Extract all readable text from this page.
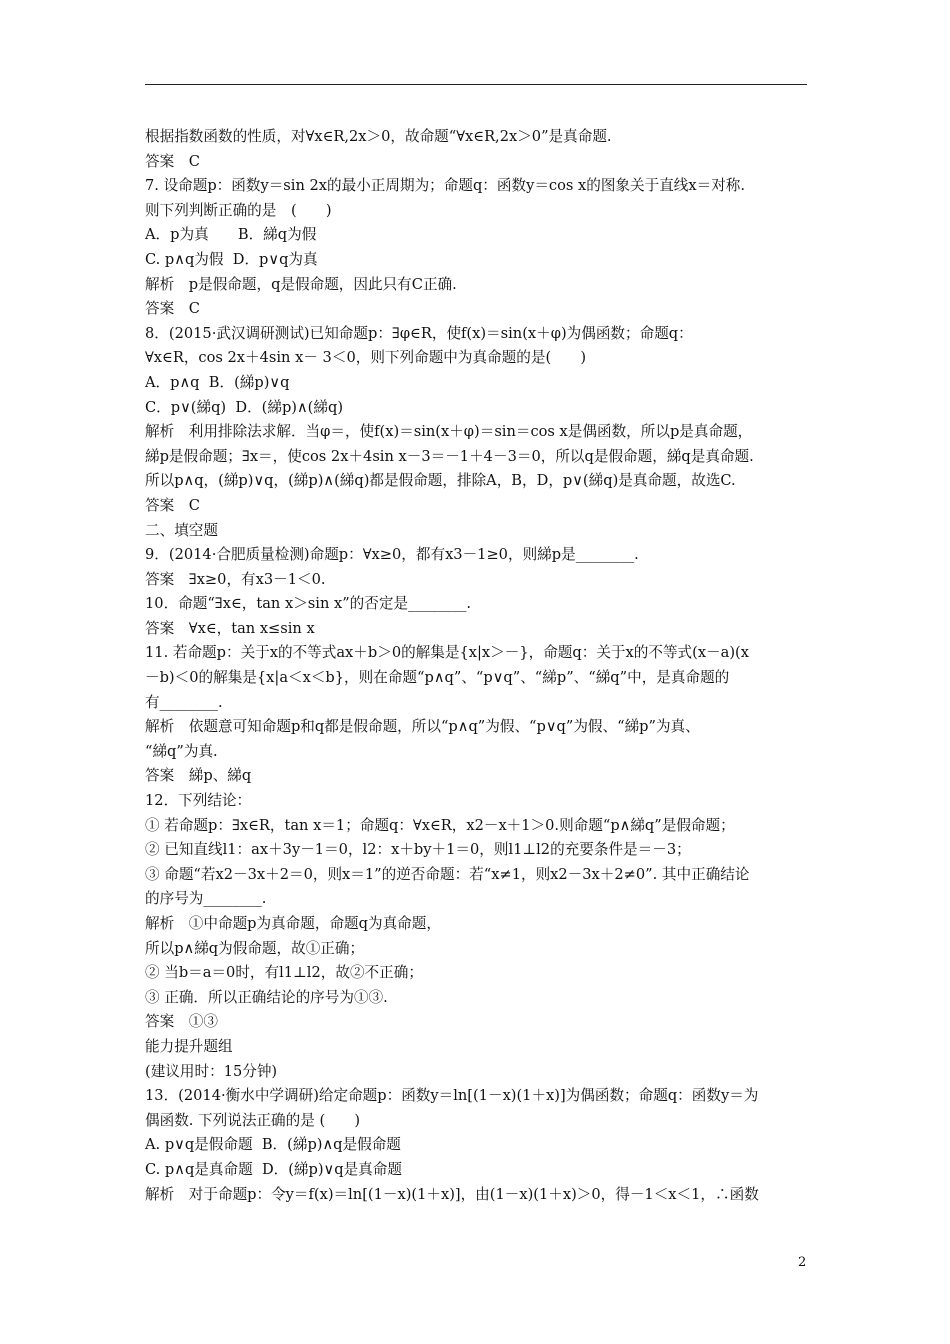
根据指数函数的性质，对∀x∈R,2x＞0，故命题“∀x∈R,2x＞0”是真命题.
答案　C
7. 设命题p：函数y＝sin 2x的最小正周期为；命题q：函数y＝cos x的图象关于直线x＝对称.
则下列判断正确的是　(　　)
A．p为真　　B．綈q为假
C. p∧q为假  D．p∨q为真
解析　p是假命题，q是假命题，因此只有C正确.
答案　C
8．(2015·武汉调研测试)已知命题p：∃φ∈R，使f(x)＝sin(x＋φ)为偶函数；命题q：
∀x∈R，cos 2x＋4sin x－ 3＜0，则下列命题中为真命题的是(　　)
A．p∧q  B．(綈p)∨q
C．p∨(綈q)  D．(綈p)∧(綈q)
解析　利用排除法求解．当φ＝，使f(x)＝sin(x＋φ)＝sin＝cos x是偶函数，所以p是真命题，
綈p是假命题；∃x＝，使cos 2x＋4sin x－3＝－1＋4－3＝0，所以q是假命题，綈q是真命题.
所以p∧q，(綈p)∨q，(綈p)∧(綈q)都是假命题，排除A，B，D，p∨(綈q)是真命题，故选C.
答案　C
二、填空题
9．(2014·合肥质量检测)命题p：∀x≥0，都有x3－1≥0，则綈p是________.
答案　∃x≥0，有x3－1＜0.
10．命题“∃x∈，tan x＞sin x”的否定是________.
答案　∀x∈，tan x≤sin x
11. 若命题p：关于x的不等式ax＋b＞0的解集是{x|x＞－}，命题q：关于x的不等式(x－a)(x
－b)＜0的解集是{x|a＜x＜b}，则在命题“p∧q”、“p∨q”、“綈p”、“綈q”中，是真命题的
有________.
解析　依题意可知命题p和q都是假命题，所以“p∧q”为假、“p∨q”为假、“綈p”为真、
“綈q”为真.
答案　綈p、綈q
12．下列结论：
① 若命题p：∃x∈R，tan x＝1；命题q：∀x∈R，x2－x＋1＞0.则命题“p∧綈q”是假命题；
② 已知直线l1：ax＋3y－1＝0，l2：x＋by＋1＝0，则l1⊥l2的充要条件是＝－3；
③ 命题“若x2－3x＋2＝0，则x＝1”的逆否命题：若“x≠1，则x2－3x＋2≠0”. 其中正确结论
的序号为________.
解析　①中命题p为真命题，命题q为真命题，
所以p∧綈q为假命题，故①正确；
② 当b＝a＝0时，有l1⊥l2，故②不正确；
③ 正确．所以正确结论的序号为①③.
答案　①③
能力提升题组
(建议用时：15分钟)
13．(2014·衡水中学调研)给定命题p：函数y＝ln[(1－x)(1＋x)]为偶函数；命题q：函数y＝为
偶函数. 下列说法正确的是 (　　)
A. p∨q是假命题  B．(綈p)∧q是假命题
C. p∧q是真命题  D．(綈p)∨q是真命题
解析　对于命题p：令y＝f(x)＝ln[(1－x)(1＋x)]，由(1－x)(1＋x)＞0，得－1＜x＜1，∴函数
2
